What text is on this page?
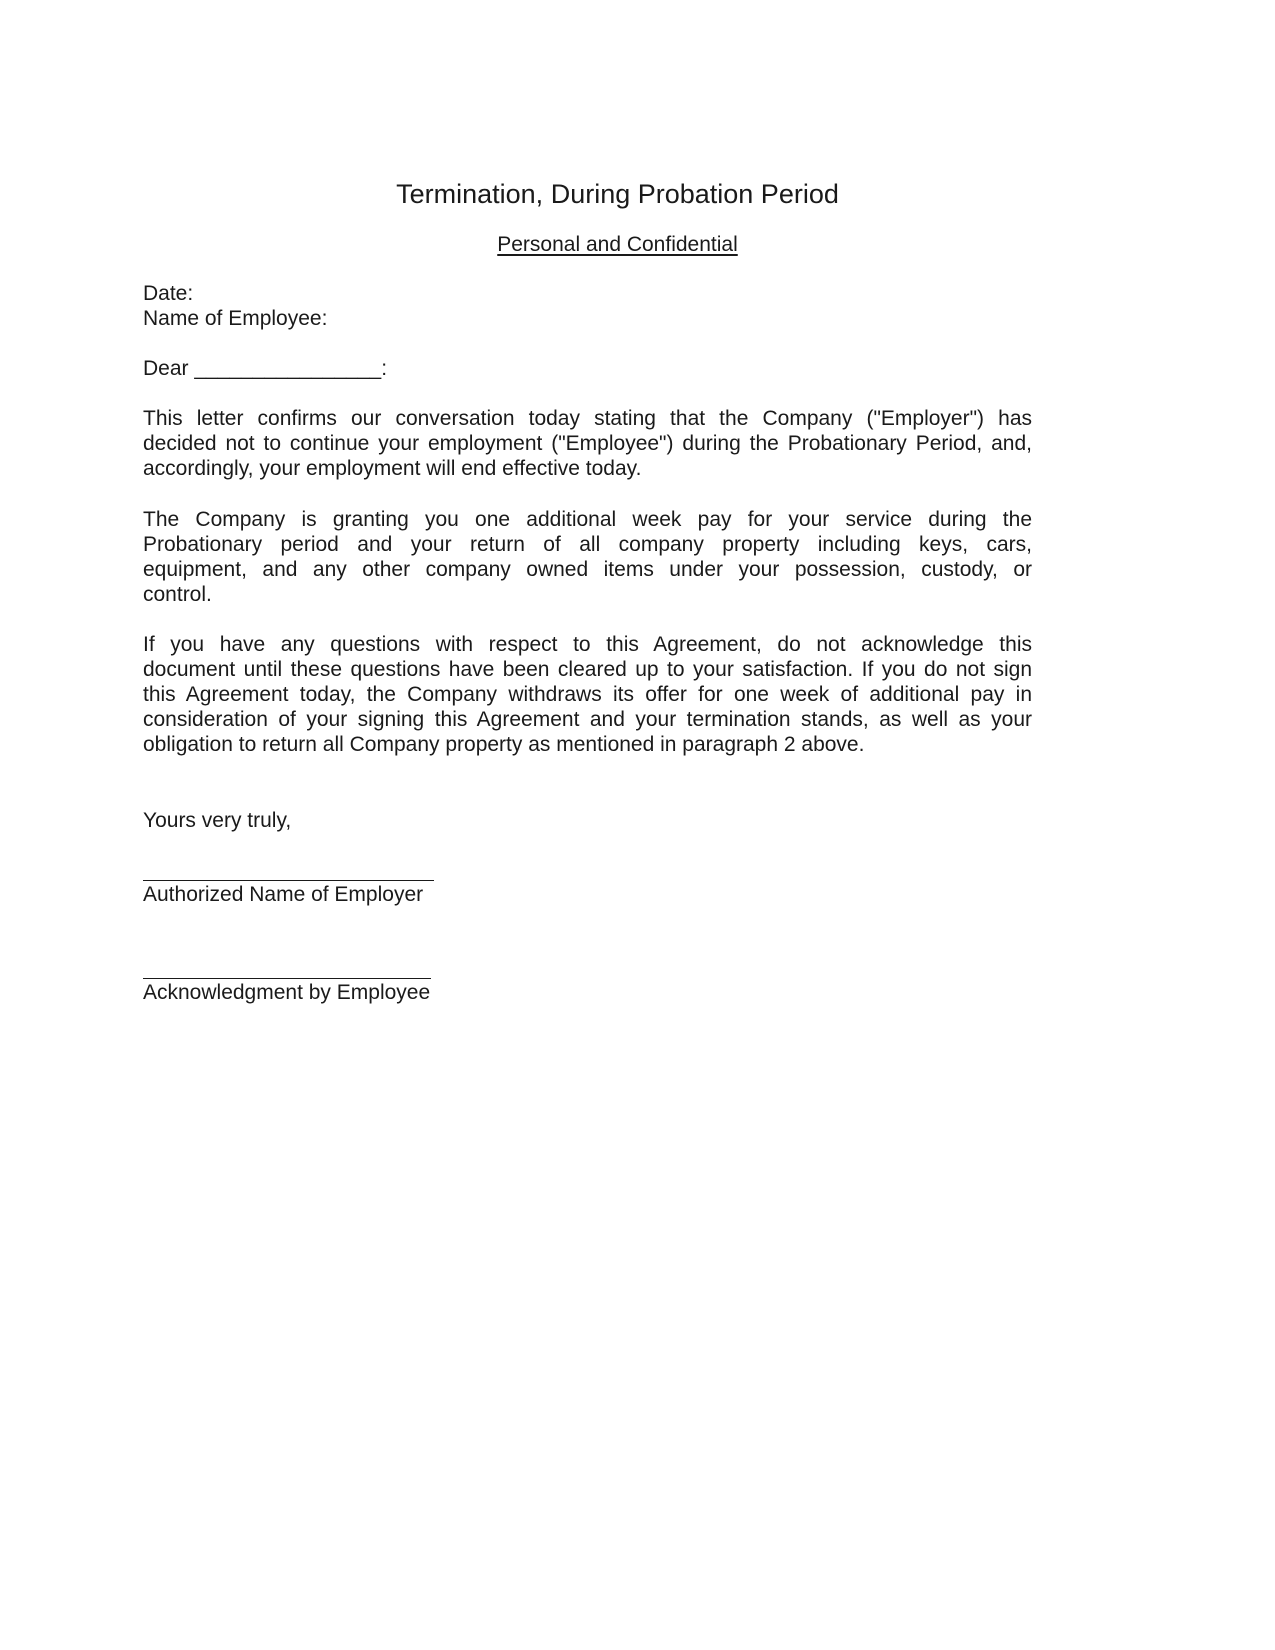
Termination, During Probation Period
Personal and Confidential
Date:
Name of Employee:
Dear ________________:
This letter confirms our conversation today stating that the Company ("Employer") has
decided not to continue your employment ("Employee") during the Probationary Period, and,
accordingly, your employment will end effective today.
The Company is granting you one additional week pay for your service during the
Probationary period and your return of all company property including keys, cars,
equipment, and any other company owned items under your possession, custody, or
control.
If you have any questions with respect to this Agreement, do not acknowledge this
document until these questions have been cleared up to your satisfaction. If you do not sign
this Agreement today, the Company withdraws its offer for one week of additional pay in
consideration of your signing this Agreement and your termination stands, as well as your
obligation to return all Company property as mentioned in paragraph 2 above.
Yours very truly,
Authorized Name of Employer
Acknowledgment by Employee
